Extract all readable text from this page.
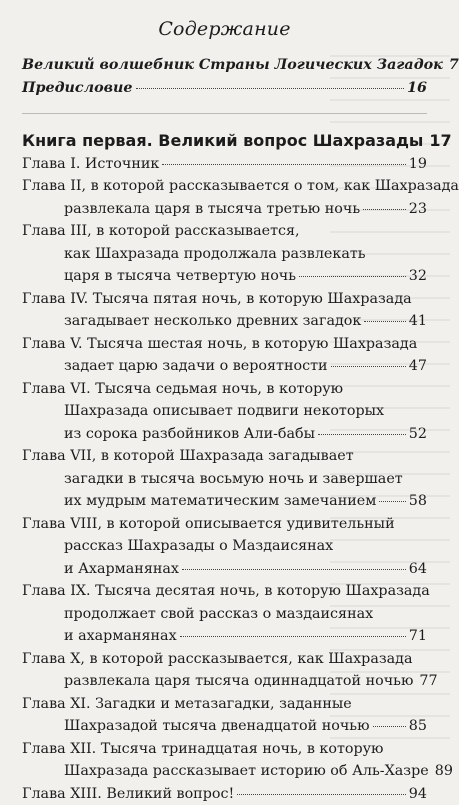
Содержание
Великий волшебник Страны Логических Загадок 7
Предисловие	16
Книга первая. Великий вопрос Шахразады 17
Глава I. Источник	19
Глава II, в которой рассказывается о том, как Шахразада
развлекала царя в тысяча третью ночь	23
Глава III, в которой рассказывается,
как Шахразада продолжала развлекать
царя в тысяча четвертую ночь	32
Глава IV. Тысяча пятая ночь, в которую Шахразада
загадывает несколько древних загадок	41
Глава V. Тысяча шестая ночь, в которую Шахразада
задает царю задачи о вероятности	47
Глава VI. Тысяча седьмая ночь, в которую
Шахразада описывает подвиги некоторых
из сорока разбойников Али-бабы	52
Глава VII, в которой Шахразада загадывает
загадки в тысяча восьмую ночь и завершает
их мудрым математическим замечанием 58
Глава VIII, в которой описывается удивительный
рассказ Шахразады о Маздаисянах
и Ахарманянах	64
Глава IX. Тысяча десятая ночь, в которую Шахразада
продолжает свой рассказ о маздаисянах
и ахарманянах	71
Глава X, в которой рассказывается, как Шахразада
развлекала царя тысяча одиннадцатой ночью 77
Глава XI. Загадки и метазагадки, заданные
Шахразадой тысяча двенадцатой ночью	85
Глава XII. Тысяча тринадцатая ночь, в которую
Шахразада рассказывает историю об Аль-Хазре 89
Глава XIII. Великий вопрос!	94
